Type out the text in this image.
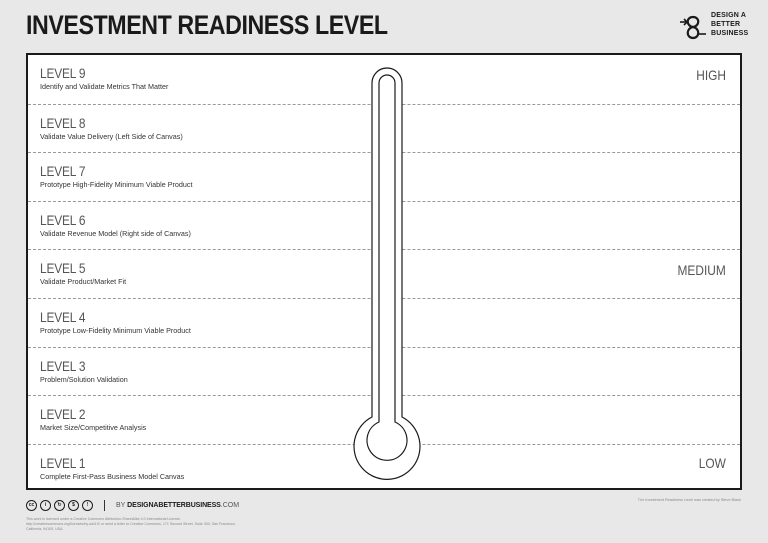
INVESTMENT READINESS LEVEL	DESIGN A
BETTER
BUSINESS
LEVEL 9
Identify and Validate Metrics That Matter
HIGH
LEVEL 8
Validate Value Delivery (Left Side of Canvas)
LEVEL 7
Prototype High-Fidelity Minimum Viable Product
LEVEL 6
Validate Revenue Model (Right side of Canvas)
LEVEL 5
Validate Product/Market Fit
MEDIUM
LEVEL 4
Prototype Low-Fidelity Minimum Viable Product
LEVEL 3
Problem/Solution Validation
LEVEL 2
Market Size/Competitive Analysis
LEVEL 1
Complete First-Pass Business Model Canvas
LOW
cc	i	↻	$	!	BY DESIGNABETTERBUSINESS.COM
This work is licensed under a Creative Commons Attribution-ShareAlike 4.0 International License. http://creativecommons.org/licenses/by-sa/4.0/ or send a letter to Creative Commons, 171 Second Street, Suite 300, San Francisco, California, 94105, USA.
The Investment Readiness Level was created by Steve Blank
